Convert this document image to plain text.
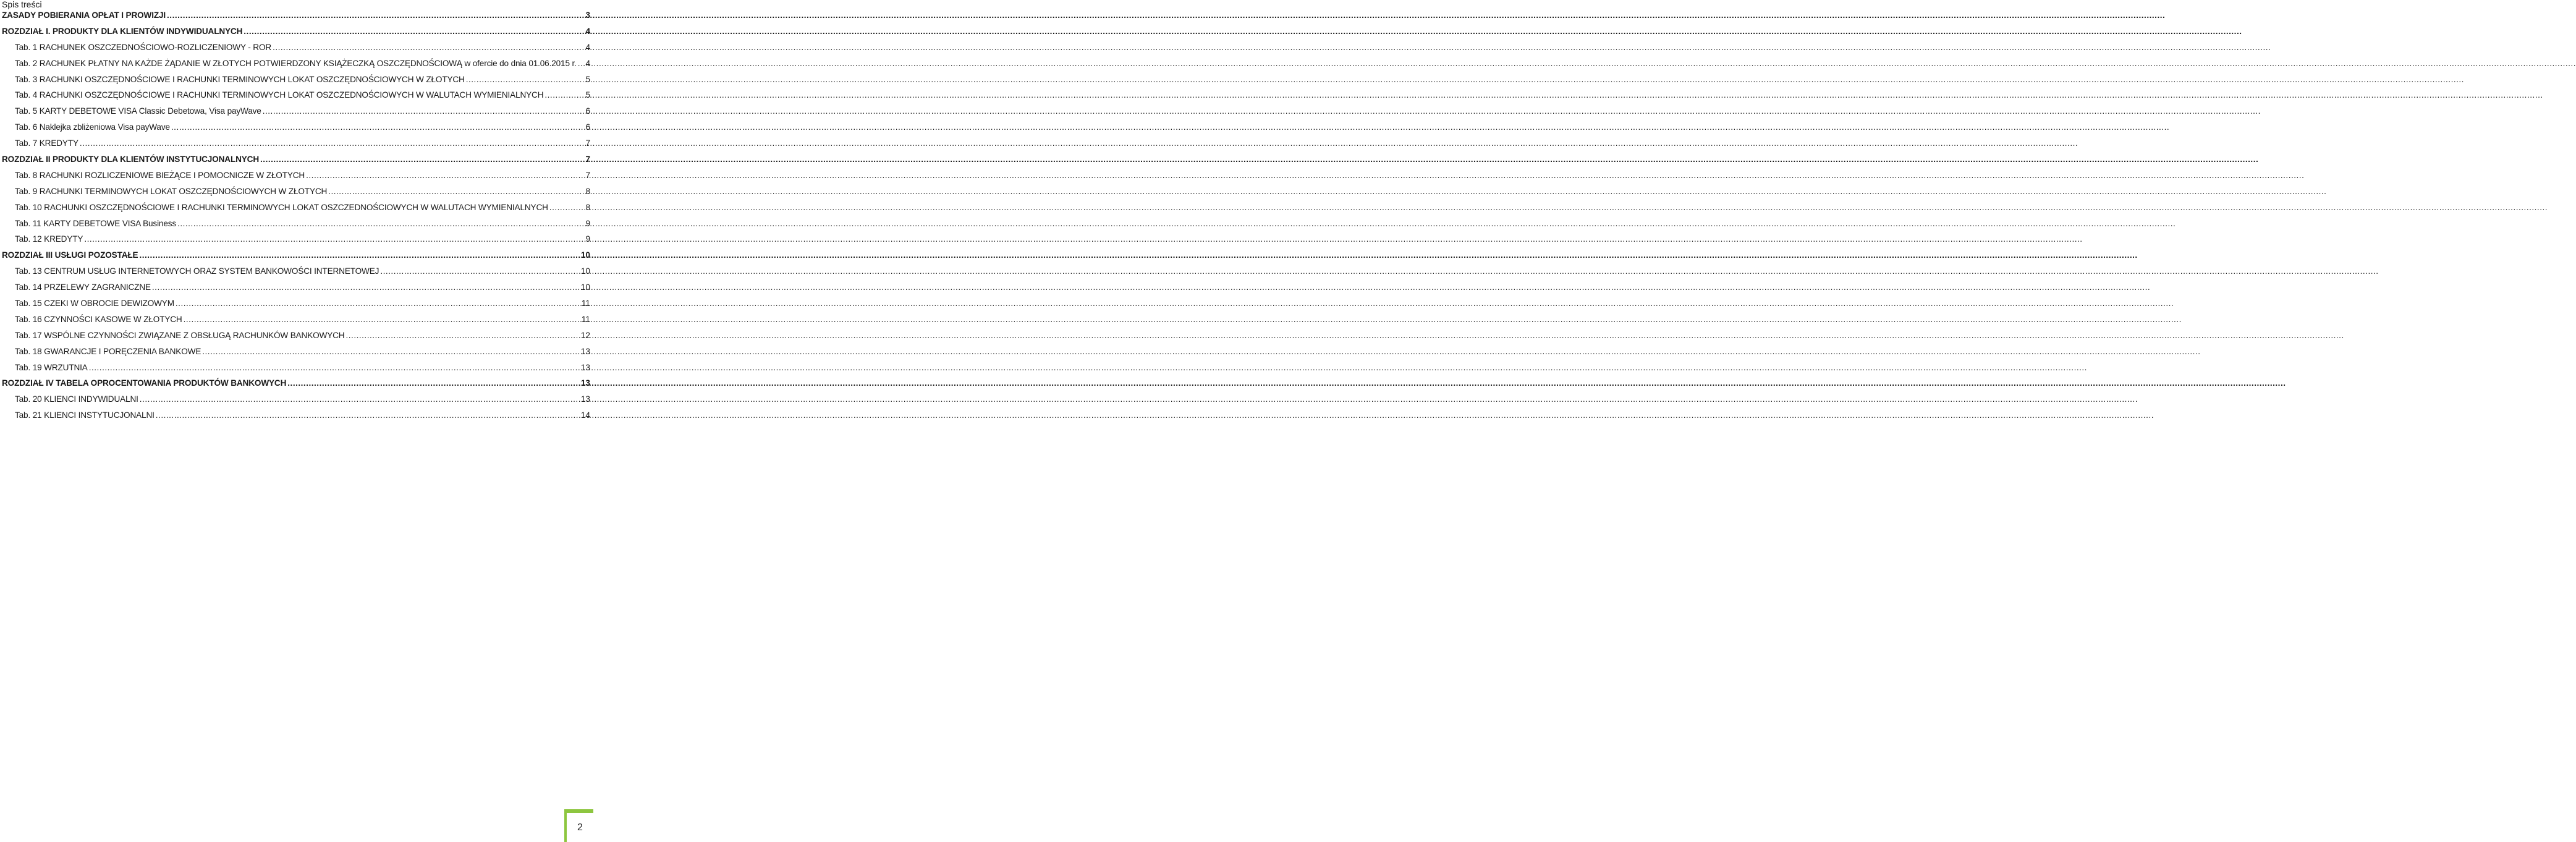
Spis treści
ZASADY POBIERANIA OPŁAT I PROWIZJI .....	3
ROZDZIAŁ I. PRODUKTY DLA KLIENTÓW INDYWIDUALNYCH .....	4
Tab. 1 RACHUNEK OSZCZEDNOŚCIOWO-ROZLICZENIOWY - ROR .....	4
Tab. 2 RACHUNEK PŁATNY NA KAŻDE ŻĄDANIE W ZŁOTYCH POTWIERDZONY KSIĄŻECZKĄ OSZCZĘDNOŚCIOWĄ w ofercie do dnia 01.06.2015 r. ..... 4
Tab. 3 RACHUNKI OSZCZĘDNOŚCIOWE I RACHUNKI TERMINOWYCH LOKAT OSZCZĘDNOŚCIOWYCH W ZŁOTYCH .....	5
Tab. 4 RACHUNKI OSZCZĘDNOŚCIOWE I RACHUNKI TERMINOWYCH LOKAT OSZCZEDNOŚCIOWYCH W WALUTACH WYMIENIALNYCH .....	5
Tab. 5 KARTY DEBETOWE VISA Classic Debetowa, Visa payWave .....	6
Tab. 6 Naklejka zbliżeniowa Visa payWave .....	6
Tab. 7 KREDYTY .....	7
ROZDZIAŁ II PRODUKTY DLA KLIENTÓW INSTYTUCJONALNYCH .....	7
Tab. 8 RACHUNKI ROZLICZENIOWE BIEŻĄCE I POMOCNICZE W ZŁOTYCH .....	7
Tab. 9 RACHUNKI TERMINOWYCH LOKAT OSZCZĘDNOŚCIOWYCH W ZŁOTYCH .....	8
Tab. 10 RACHUNKI OSZCZĘDNOŚCIOWE I RACHUNKI TERMINOWYCH LOKAT OSZCZEDNOŚCIOWYCH W WALUTACH WYMIENIALNYCH .....	8
Tab. 11 KARTY DEBETOWE VISA Business .....	9
Tab. 12 KREDYTY .....	9
ROZDZIAŁ III USŁUGI POZOSTAŁE .....	10
Tab. 13 CENTRUM USŁUG INTERNETOWYCH ORAZ SYSTEM BANKOWOŚCI INTERNETOWEJ .....	10
Tab. 14 PRZELEWY ZAGRANICZNE .....	10
Tab. 15 CZEKI W OBROCIE DEWIZOWYM .....	11
Tab. 16 CZYNNOŚCI KASOWE W ZŁOTYCH .....	11
Tab. 17 WSPÓLNE CZYNNOŚCI ZWIĄZANE Z OBSŁUGĄ RACHUNKÓW BANKOWYCH .....	12
Tab. 18 GWARANCJE I PORĘCZENIA BANKOWE .....	13
Tab. 19 WRZUTNIA .....	13
ROZDZIAŁ IV TABELA OPROCENTOWANIA PRODUKTÓW BANKOWYCH .....	13
Tab. 20 KLIENCI INDYWIDUALNI .....	13
Tab. 21 KLIENCI INSTYTUCJONALNI .....	14
2
